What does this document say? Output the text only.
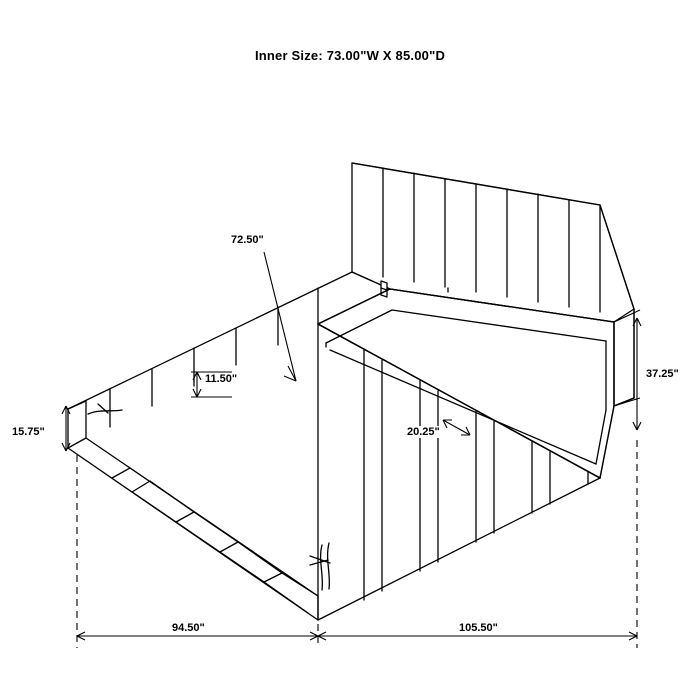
Inner Size: 73.00"W X 85.00"D
72.50"
11.50"
15.75"	20.25"
37.25"
94.50"	105.50"
